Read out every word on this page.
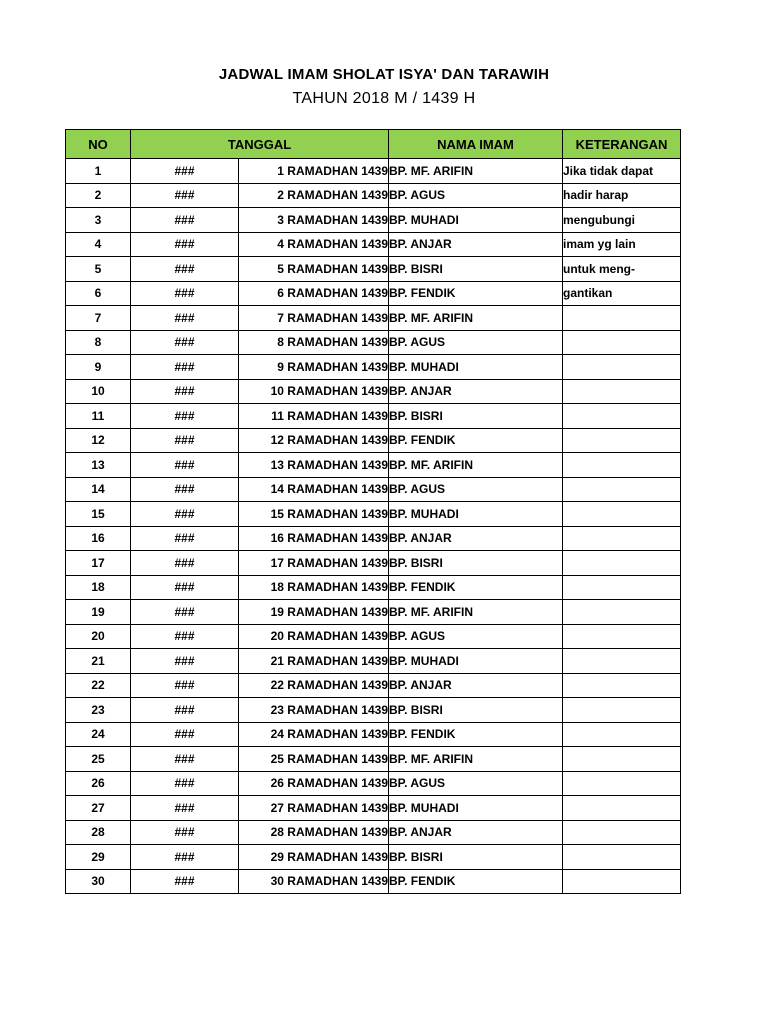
JADWAL IMAM SHOLAT ISYA' DAN TARAWIH
TAHUN 2018 M / 1439 H
NO	TANGGAL		NAMA IMAM	KETERANGAN
1	###	1 RAMADHAN 1439	BP. MF. ARIFIN	Jika tidak dapat
2	###	2 RAMADHAN 1439	BP. AGUS	hadir harap
3	###	3 RAMADHAN 1439	BP. MUHADI	mengubungi
4	###	4 RAMADHAN 1439	BP. ANJAR	imam yg lain
5	###	5 RAMADHAN 1439	BP. BISRI	untuk meng-
6	###	6 RAMADHAN 1439	BP. FENDIK	gantikan
7	###	7 RAMADHAN 1439	BP. MF. ARIFIN	
8	###	8 RAMADHAN 1439	BP. AGUS	
9	###	9 RAMADHAN 1439	BP. MUHADI	
10	###	10 RAMADHAN 1439	BP. ANJAR	
11	###	11 RAMADHAN 1439	BP. BISRI	
12	###	12 RAMADHAN 1439	BP. FENDIK	
13	###	13 RAMADHAN 1439	BP. MF. ARIFIN	
14	###	14 RAMADHAN 1439	BP. AGUS	
15	###	15 RAMADHAN 1439	BP. MUHADI	
16	###	16 RAMADHAN 1439	BP. ANJAR	
17	###	17 RAMADHAN 1439	BP. BISRI	
18	###	18 RAMADHAN 1439	BP. FENDIK	
19	###	19 RAMADHAN 1439	BP. MF. ARIFIN	
20	###	20 RAMADHAN 1439	BP. AGUS	
21	###	21 RAMADHAN 1439	BP. MUHADI	
22	###	22 RAMADHAN 1439	BP. ANJAR	
23	###	23 RAMADHAN 1439	BP. BISRI	
24	###	24 RAMADHAN 1439	BP. FENDIK	
25	###	25 RAMADHAN 1439	BP. MF. ARIFIN	
26	###	26 RAMADHAN 1439	BP. AGUS	
27	###	27 RAMADHAN 1439	BP. MUHADI	
28	###	28 RAMADHAN 1439	BP. ANJAR	
29	###	29 RAMADHAN 1439	BP. BISRI	
30	###	30 RAMADHAN 1439	BP. FENDIK	
